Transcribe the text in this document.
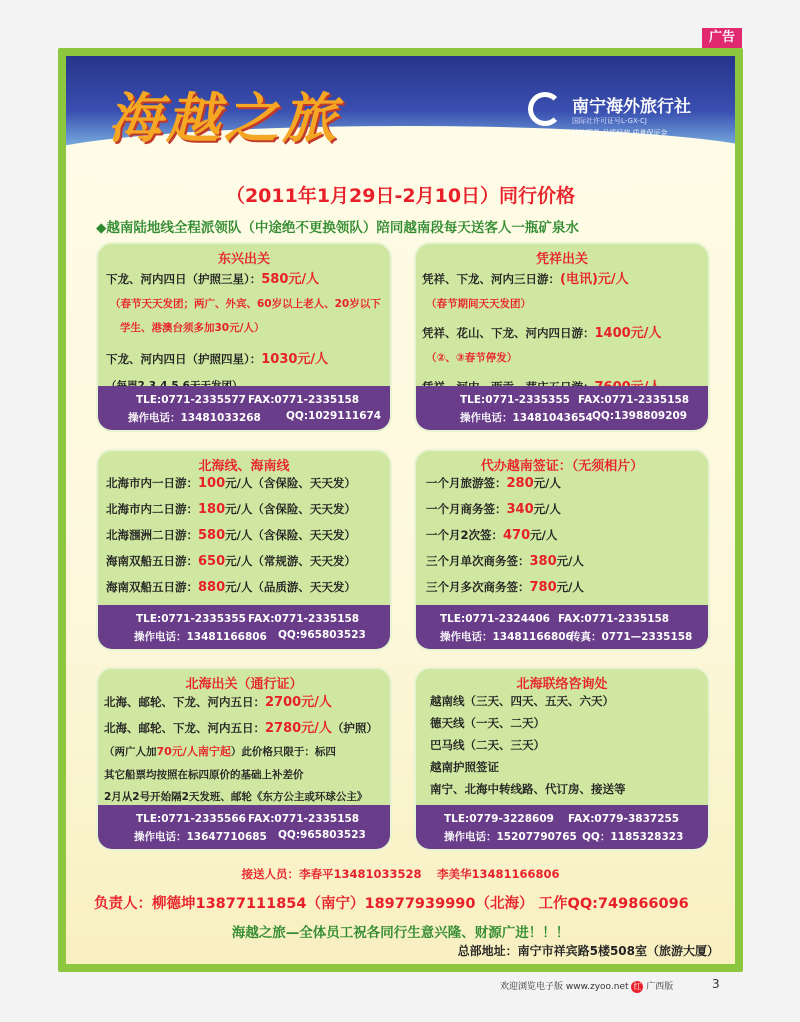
广告
海越之旅	南宁海外旅行社
国际社许可证号L-GX-CJ
诚信服务 品质经营 质量保证金
（2011年1月29日-2月10日）同行价格
◆越南陆地线全程派领队（中途绝不更换领队）陪同越南段每天送客人一瓶矿泉水
东兴出关
下龙、河内四日（护照三星）：580元/人
（春节天天发团；两广、外宾、60岁以上老人、20岁以下
学生、港澳台须多加30元/人）
下龙、河内四日（护照四星）：1030元/人
TLE:0771-2335577 FAX:0771-2335158
操作电话：13481033268 QQ:1029111674
凭祥出关
凭祥、下龙、河内三日游：(电讯)元/人
（春节期间天天发团）
凭祥、花山、下龙、河内四日游：1400元/人
（②、③春节停发）
TLE:0771-2335355 FAX:0771-2335158
操作电话：13481043654 QQ:1398809209
北海线、海南线
北海市内一日游：100元/人（含保险、天天发）
北海市内二日游：180元/人（含保险、天天发）
北海涠洲二日游：580元/人（含保险、天天发）
海南双船五日游：650元/人（常规游、天天发）
海南双船五日游：880元/人（品质游、天天发）
TLE:0771-2335355 FAX:0771-2335158
操作电话：13481166806 QQ:965803523
代办越南签证：（无须相片）
一个月旅游签：280元/人
一个月商务签：340元/人
一个月2次签：470元/人
三个月单次商务签：380元/人
三个月多次商务签：780元/人
TLE:0771-2324406 FAX:0771-2335158
操作电话：13481166806
传真：0771—2335158
北海出关（通行证）
北海、邮轮、下龙、河内五日：2700元/人
北海、邮轮、下龙、河内五日：2780元/人（护照）
（两广人加70元/人南宁起）此价格只限于：标四
其它船票均按照在标四原价的基础上补差价
2月从2号开始隔2天发班、邮轮《东方公主或环球公主》
TLE:0771-2335566 FAX:0771-2335158
操作电话：13647710685 QQ:965803523
北海联络咨询处
越南线（三天、四天、五天、六天）
德天线（一天、二天）
巴马线（二天、三天）
越南护照签证
南宁、北海中转线路、代订房、接送等
TLE:0779-3228609 FAX:0779-3837255
操作电话：15207790765 QQ：1185328323
接送人员：李春平13481033528　 李美华13481166806
负责人：柳德坤13877111854（南宁）18977939990（北海） 工作QQ:749866096
海越之旅—全体员工祝各同行生意兴隆、财源广进！！！
总部地址：南宁市祥宾路5楼508室（旅游大厦）
欢迎浏览电子版 www.zyoo.net 红 广西版	3
